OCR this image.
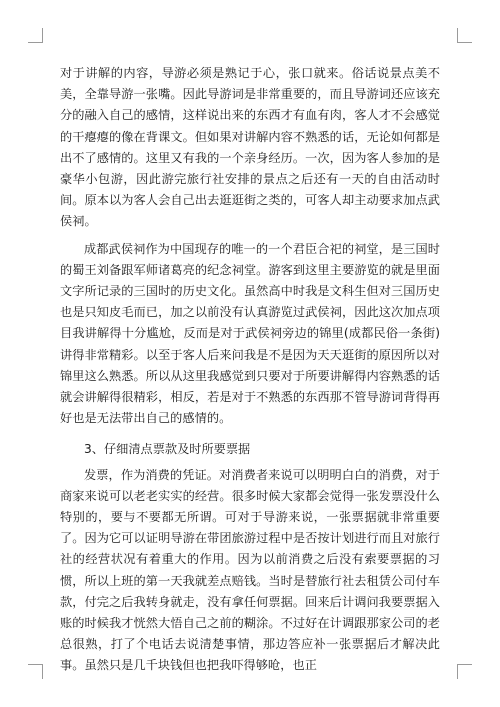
对于讲解的内容，导游必须是熟记于心，张口就来。俗话说景点美不美，全靠导游一张嘴。因此导游词是非常重要的，而且导游词还应该充分的融入自己的感情，这样说出来的东西才有血有肉，客人才不会感觉的干瘪瘪的像在背课文。但如果对讲解内容不熟悉的话，无论如何都是出不了感情的。这里又有我的一个亲身经历。一次，因为客人参加的是豪华小包游，因此游完旅行社安排的景点之后还有一天的自由活动时间。原本以为客人会自己出去逛逛街之类的，可客人却主动要求加点武侯祠。

成都武侯祠作为中国现存的唯一的一个君臣合祀的祠堂，是三国时的蜀王刘备跟军师诸葛亮的纪念祠堂。游客到这里主要游览的就是里面文字所记录的三国时的历史文化。虽然高中时我是文科生但对三国历史也是只知皮毛而已，加之以前没有认真游览过武侯祠，因此这次加点项目我讲解得十分尴尬，反而是对于武侯祠旁边的锦里(成都民俗一条街)讲得非常精彩。以至于客人后来问我是不是因为天天逛街的原因所以对锦里这么熟悉。所以从这里我感觉到只要对于所要讲解得内容熟悉的话就会讲解得很精彩，相反，若是对于不熟悉的东西那不管导游词背得再好也是无法带出自己的感情的。

3、仔细清点票款及时所要票据

发票，作为消费的凭证。对消费者来说可以明明白白的消费，对于商家来说可以老老实实的经营。很多时候大家都会觉得一张发票没什么特别的，要与不要都无所谓。可对于导游来说，一张票据就非常重要了。因为它可以证明导游在带团旅游过程中是否按计划进行而且对旅行社的经营状况有着重大的作用。因为以前消费之后没有索要票据的习惯，所以上班的第一天我就差点赔钱。当时是替旅行社去租赁公司付车款，付完之后我转身就走，没有拿任何票据。回来后计调问我要票据入账的时候我才恍然大悟自己之前的糊涂。不过好在计调跟那家公司的老总很熟，打了个电话去说清楚事情，那边答应补一张票据后才解决此事。虽然只是几千块钱但也把我吓得够呛，也正
